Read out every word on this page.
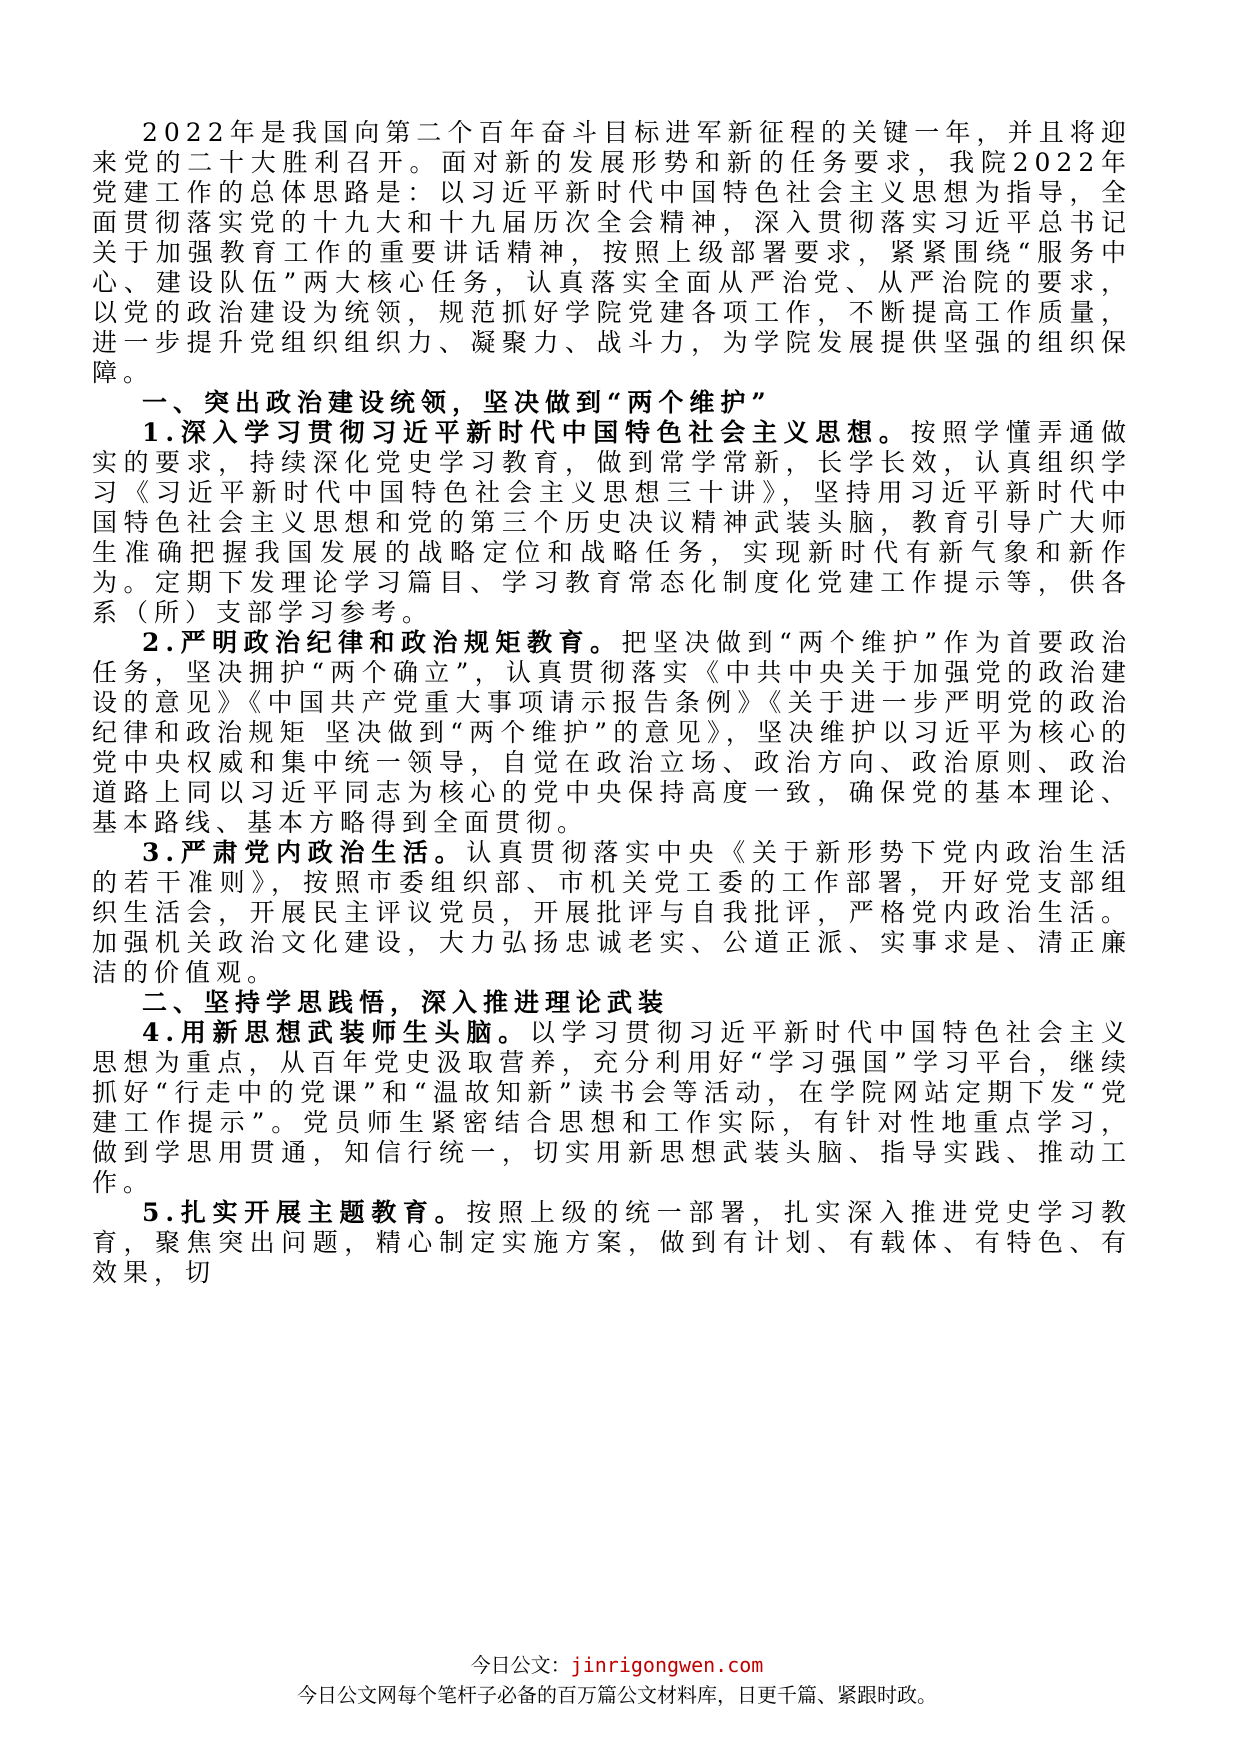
2022年是我国向第二个百年奋斗目标进军新征程的关键一年，并且将迎来党的二十大胜利召开。面对新的发展形势和新的任务要求，我院2022年党建工作的总体思路是：以习近平新时代中国特色社会主义思想为指导，全面贯彻落实党的十九大和十九届历次全会精神，深入贯彻落实习近平总书记关于加强教育工作的重要讲话精神，按照上级部署要求，紧紧围绕“服务中心、建设队伍”两大核心任务，认真落实全面从严治党、从严治院的要求，以党的政治建设为统领，规范抓好学院党建各项工作，不断提高工作质量，进一步提升党组织组织力、凝聚力、战斗力，为学院发展提供坚强的组织保障。

一、突出政治建设统领，坚决做到“两个维护”

1.深入学习贯彻习近平新时代中国特色社会主义思想。按照学懂弄通做实的要求，持续深化党史学习教育，做到常学常新，长学长效，认真组织学习《习近平新时代中国特色社会主义思想三十讲》，坚持用习近平新时代中国特色社会主义思想和党的第三个历史决议精神武装头脑，教育引导广大师生准确把握我国发展的战略定位和战略任务，实现新时代有新气象和新作为。定期下发理论学习篇目、学习教育常态化制度化党建工作提示等，供各系（所）支部学习参考。

2.严明政治纪律和政治规矩教育。把坚决做到“两个维护”作为首要政治任务，坚决拥护“两个确立”，认真贯彻落实《中共中央关于加强党的政治建设的意见》《中国共产党重大事项请示报告条例》《关于进一步严明党的政治纪律和政治规矩 坚决做到“两个维护”的意见》，坚决维护以习近平为核心的党中央权威和集中统一领导，自觉在政治立场、政治方向、政治原则、政治道路上同以习近平同志为核心的党中央保持高度一致，确保党的基本理论、基本路线、基本方略得到全面贯彻。

3.严肃党内政治生活。认真贯彻落实中央《关于新形势下党内政治生活的若干准则》，按照市委组织部、市机关党工委的工作部署，开好党支部组织生活会，开展民主评议党员，开展批评与自我批评，严格党内政治生活。加强机关政治文化建设，大力弘扬忠诚老实、公道正派、实事求是、清正廉洁的价值观。

二、坚持学思践悟，深入推进理论武装

4.用新思想武装师生头脑。以学习贯彻习近平新时代中国特色社会主义思想为重点，从百年党史汲取营养，充分利用好“学习强国”学习平台，继续抓好“行走中的党课”和“温故知新”读书会等活动，在学院网站定期下发“党建工作提示”。党员师生紧密结合思想和工作实际，有针对性地重点学习，做到学思用贯通，知信行统一，切实用新思想武装头脑、指导实践、推动工作。

5.扎实开展主题教育。按照上级的统一部署，扎实深入推进党史学习教育，聚焦突出问题，精心制定实施方案，做到有计划、有载体、有特色、有效果，切

今日公文：jinrigongwen.com
今日公文网每个笔杆子必备的百万篇公文材料库，日更千篇、紧跟时政。
